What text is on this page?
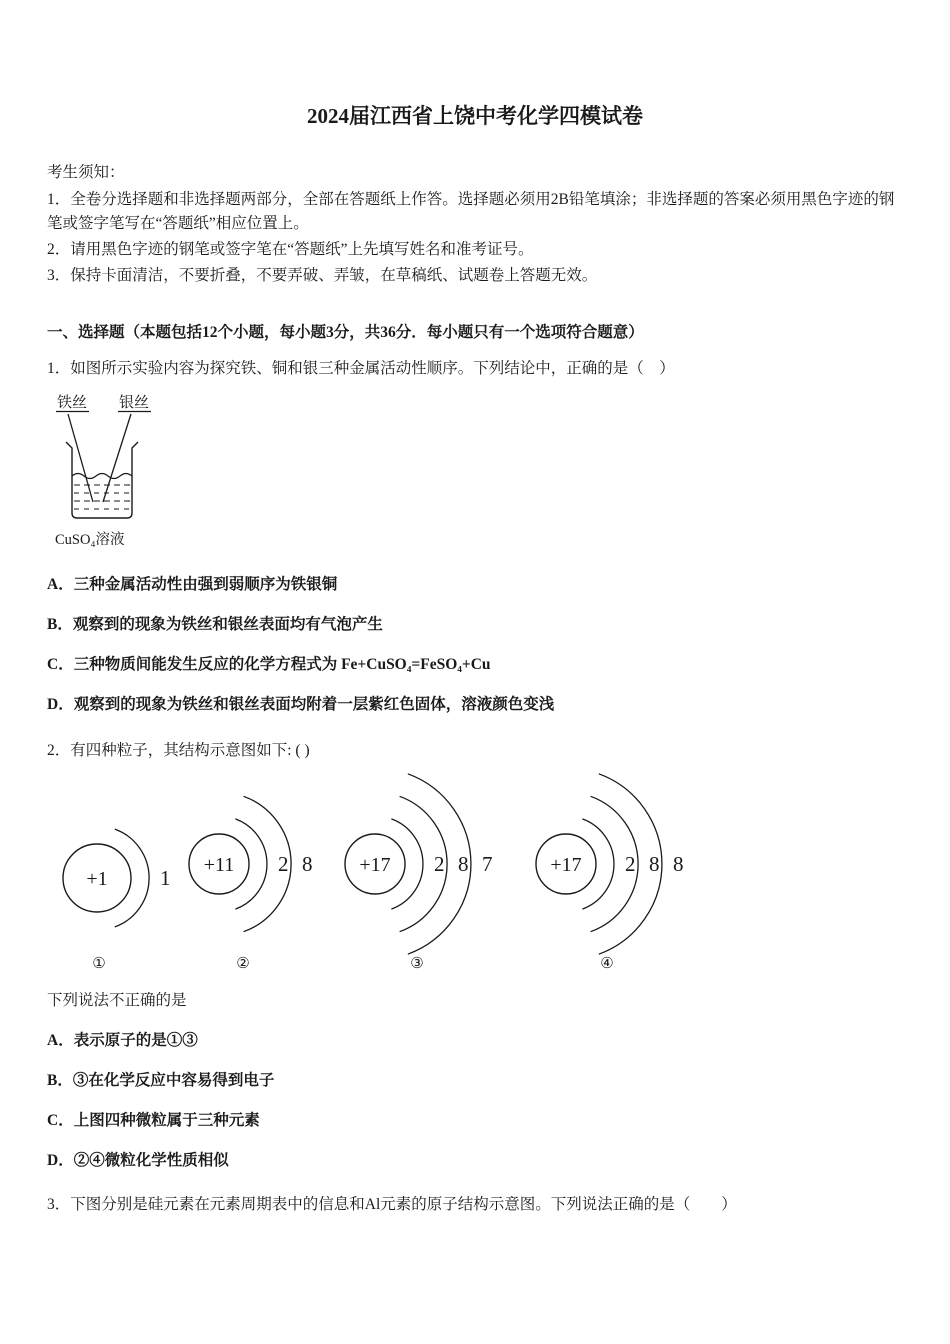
2024届江西省上饶中考化学四模试卷

考生须知：

1．全卷分选择题和非选择题两部分，全部在答题纸上作答。选择题必须用2B铅笔填涂；非选择题的答案必须用黑色字迹的钢笔或签字笔写在“答题纸”相应位置上。

2．请用黑色字迹的钢笔或签字笔在“答题纸”上先填写姓名和准考证号。

3．保持卡面清洁，不要折叠，不要弄破、弄皱，在草稿纸、试题卷上答题无效。

一、选择题（本题包括12个小题，每小题3分，共36分．每小题只有一个选项符合题意）

1．如图所示实验内容为探究铁、铜和银三种金属活动性顺序。下列结论中，正确的是（　）

铁丝 银丝
CuSO₄溶液

A．三种金属活动性由强到弱顺序为铁银铜

B．观察到的现象为铁丝和银丝表面均有气泡产生

C．三种物质间能发生反应的化学方程式为 Fe+CuSO₄=FeSO₄+Cu

D．观察到的现象为铁丝和银丝表面均附着一层紫红色固体，溶液颜色变浅

2．有四种粒子，其结构示意图如下: ( )

+1 1
①
+11 2 8
②
+17 2 8 7
③
+17 2 8 8
④

下列说法不正确的是

A．表示原子的是①③

B．③在化学反应中容易得到电子

C．上图四种微粒属于三种元素

D．②④微粒化学性质相似

3．下图分别是硅元素在元素周期表中的信息和Al元素的原子结构示意图。下列说法正确的是（　　）
